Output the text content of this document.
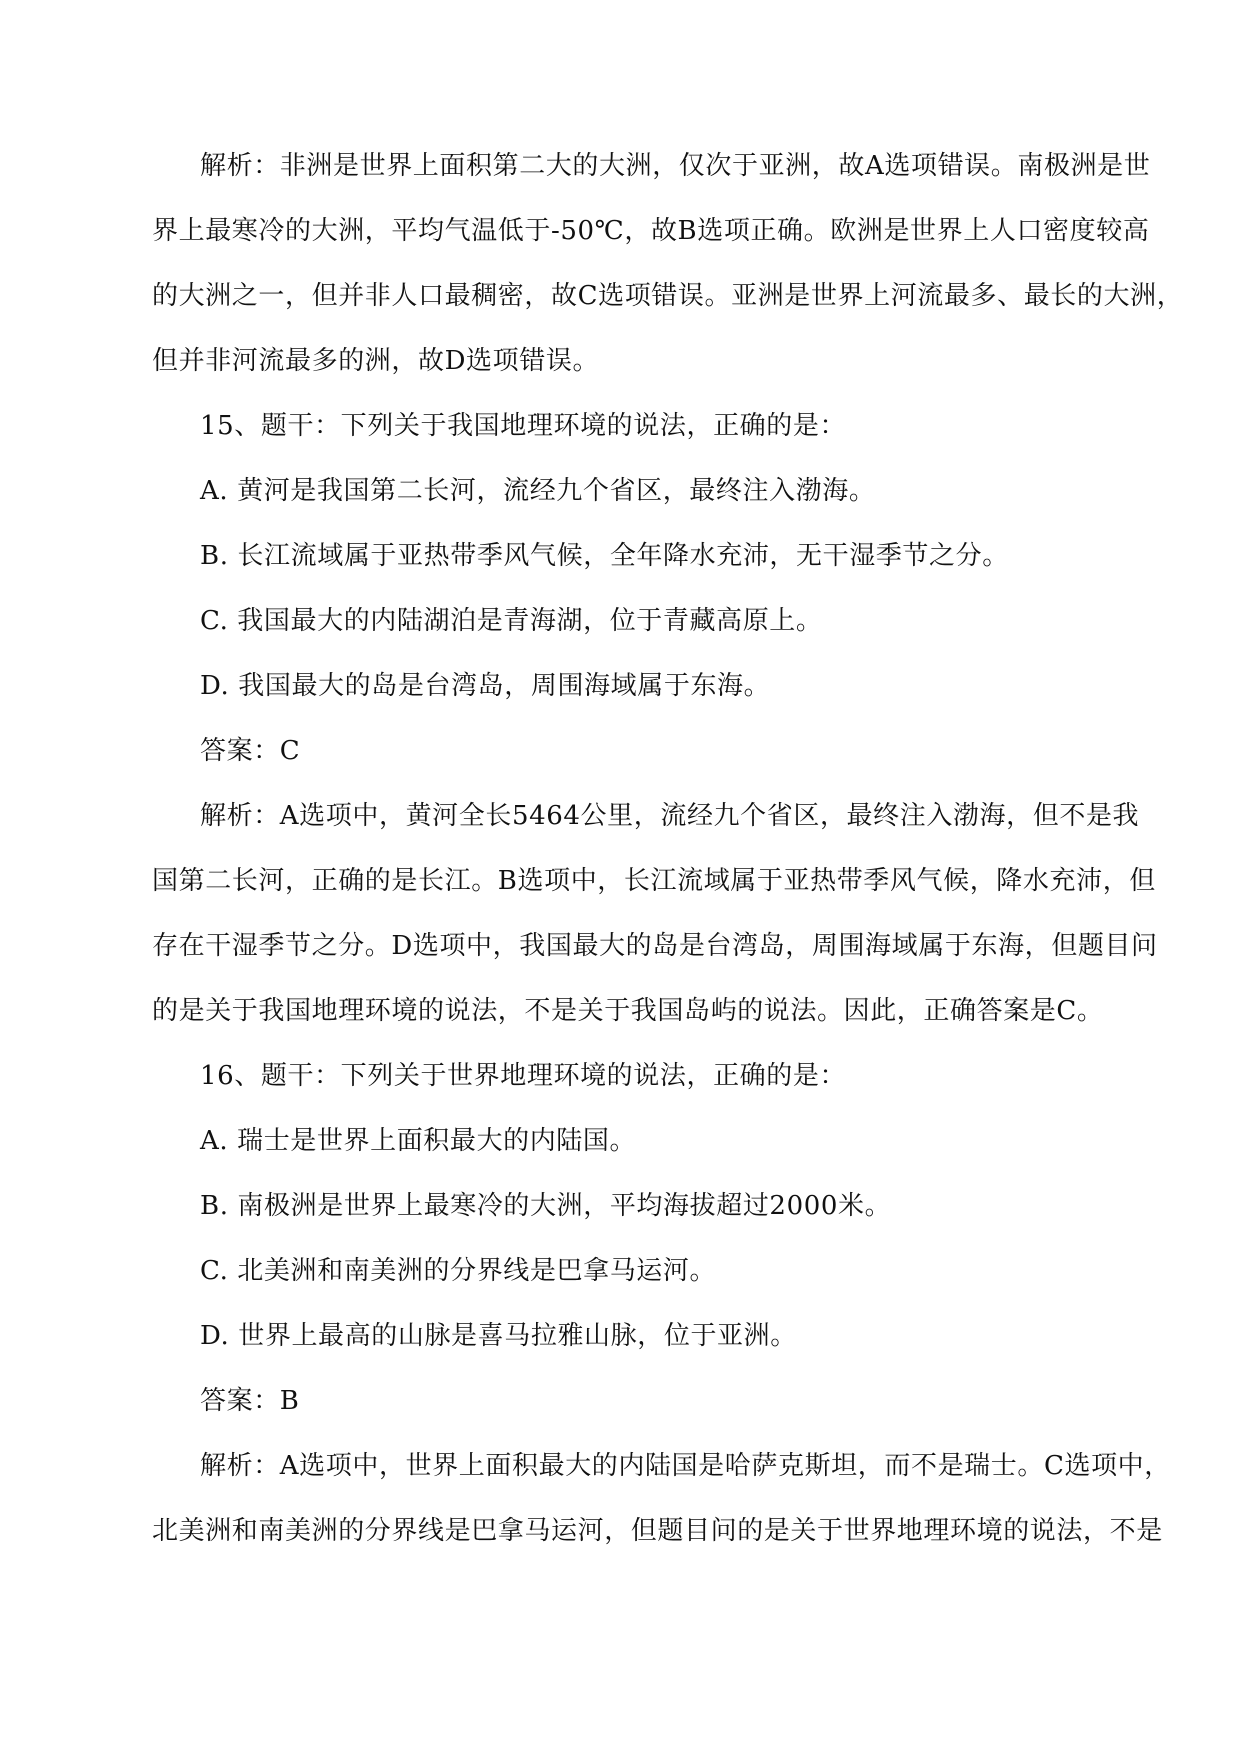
解析：非洲是世界上面积第二大的大洲，仅次于亚洲，故A选项错误。南极洲是世
界上最寒冷的大洲，平均气温低于-50℃，故B选项正确。欧洲是世界上人口密度较高
的大洲之一，但并非人口最稠密，故C选项错误。亚洲是世界上河流最多、最长的大洲，
但并非河流最多的洲，故D选项错误。
15、题干：下列关于我国地理环境的说法，正确的是：
A. 黄河是我国第二长河，流经九个省区，最终注入渤海。
B. 长江流域属于亚热带季风气候，全年降水充沛，无干湿季节之分。
C. 我国最大的内陆湖泊是青海湖，位于青藏高原上。
D. 我国最大的岛是台湾岛，周围海域属于东海。
答案：C
解析：A选项中，黄河全长5464公里，流经九个省区，最终注入渤海，但不是我
国第二长河，正确的是长江。B选项中，长江流域属于亚热带季风气候，降水充沛，但
存在干湿季节之分。D选项中，我国最大的岛是台湾岛，周围海域属于东海，但题目问
的是关于我国地理环境的说法，不是关于我国岛屿的说法。因此，正确答案是C。
16、题干：下列关于世界地理环境的说法，正确的是：
A. 瑞士是世界上面积最大的内陆国。
B. 南极洲是世界上最寒冷的大洲，平均海拔超过2000米。
C. 北美洲和南美洲的分界线是巴拿马运河。
D. 世界上最高的山脉是喜马拉雅山脉，位于亚洲。
答案：B
解析：A选项中，世界上面积最大的内陆国是哈萨克斯坦，而不是瑞士。C选项中，
北美洲和南美洲的分界线是巴拿马运河，但题目问的是关于世界地理环境的说法，不是
